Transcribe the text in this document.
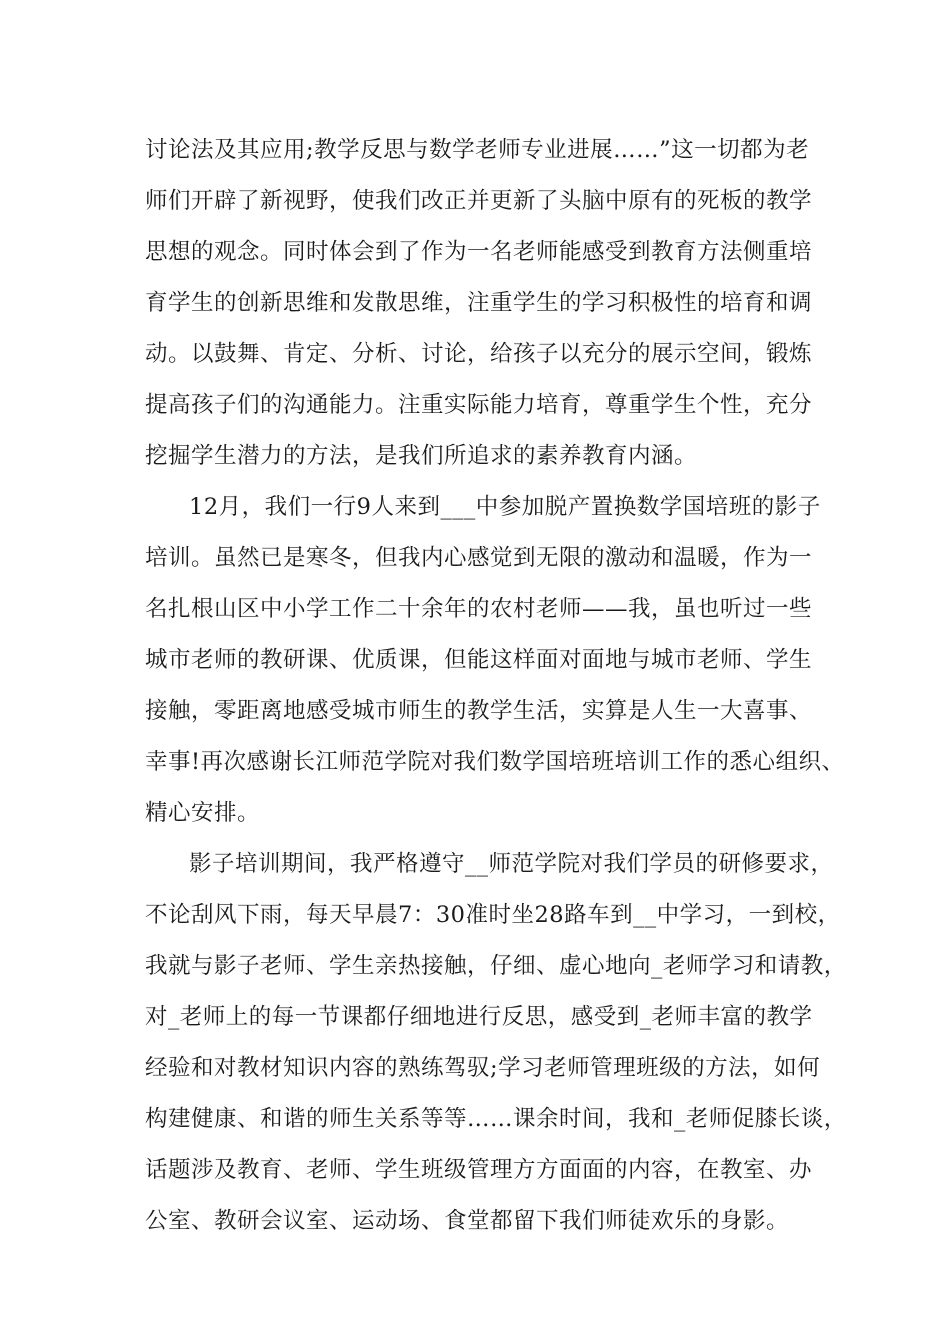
讨论法及其应用;教学反思与数学老师专业进展……”这一切都为老

师们开辟了新视野，使我们改正并更新了头脑中原有的死板的教学

思想的观念。同时体会到了作为一名老师能感受到教育方法侧重培

育学生的创新思维和发散思维，注重学生的学习积极性的培育和调

动。以鼓舞、肯定、分析、讨论，给孩子以充分的展示空间，锻炼

提高孩子们的沟通能力。注重实际能力培育，尊重学生个性，充分

挖掘学生潜力的方法，是我们所追求的素养教育内涵。

12月，我们一行9人来到___中参加脱产置换数学国培班的影子

培训。虽然已是寒冬，但我内心感觉到无限的激动和温暖，作为一

名扎根山区中小学工作二十余年的农村老师——我，虽也听过一些

城市老师的教研课、优质课，但能这样面对面地与城市老师、学生

接触，零距离地感受城市师生的教学生活，实算是人生一大喜事、

幸事!再次感谢长江师范学院对我们数学国培班培训工作的悉心组织、

精心安排。

影子培训期间，我严格遵守__师范学院对我们学员的研修要求，

不论刮风下雨，每天早晨7：30准时坐28路车到__中学习，一到校，

我就与影子老师、学生亲热接触，仔细、虚心地向_老师学习和请教，

对_老师上的每一节课都仔细地进行反思，感受到_老师丰富的教学

经验和对教材知识内容的熟练驾驭;学习老师管理班级的方法，如何

构建健康、和谐的师生关系等等……课余时间，我和_老师促膝长谈，

话题涉及教育、老师、学生班级管理方方面面的内容，在教室、办

公室、教研会议室、运动场、食堂都留下我们师徒欢乐的身影。
